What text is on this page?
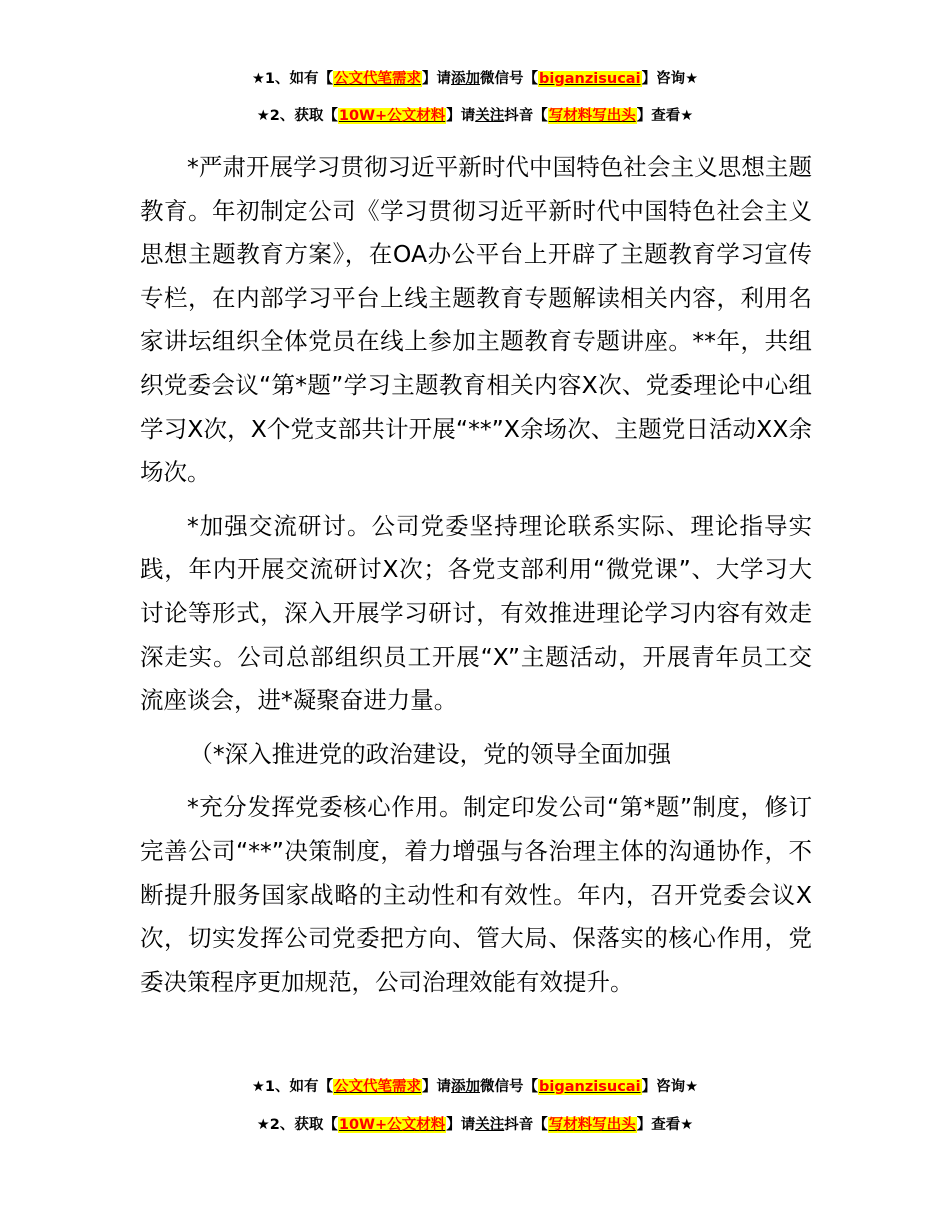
★1、如有【公文代笔需求】请添加微信号【biganzisucai】咨询★
★2、获取【10W+公文材料】请关注抖音【写材料写出头】查看★

*严肃开展学习贯彻习近平新时代中国特色社会主义思想主题教育。年初制定公司《学习贯彻习近平新时代中国特色社会主义思想主题教育方案》，在OA办公平台上开辟了主题教育学习宣传专栏，在内部学习平台上线主题教育专题解读相关内容，利用名家讲坛组织全体党员在线上参加主题教育专题讲座。**年，共组织党委会议“第*题”学习主题教育相关内容X次、党委理论中心组学习X次，X个党支部共计开展“**”X余场次、主题党日活动XX余场次。

*加强交流研讨。公司党委坚持理论联系实际、理论指导实践，年内开展交流研讨X次；各党支部利用“微党课”、大学习大讨论等形式，深入开展学习研讨，有效推进理论学习内容有效走深走实。公司总部组织员工开展“X”主题活动，开展青年员工交流座谈会，进*凝聚奋进力量。

（*深入推进党的政治建设，党的领导全面加强

*充分发挥党委核心作用。制定印发公司“第*题”制度，修订完善公司“**”决策制度，着力增强与各治理主体的沟通协作，不断提升服务国家战略的主动性和有效性。年内，召开党委会议X次，切实发挥公司党委把方向、管大局、保落实的核心作用，党委决策程序更加规范，公司治理效能有效提升。

★1、如有【公文代笔需求】请添加微信号【biganzisucai】咨询★
★2、获取【10W+公文材料】请关注抖音【写材料写出头】查看★
